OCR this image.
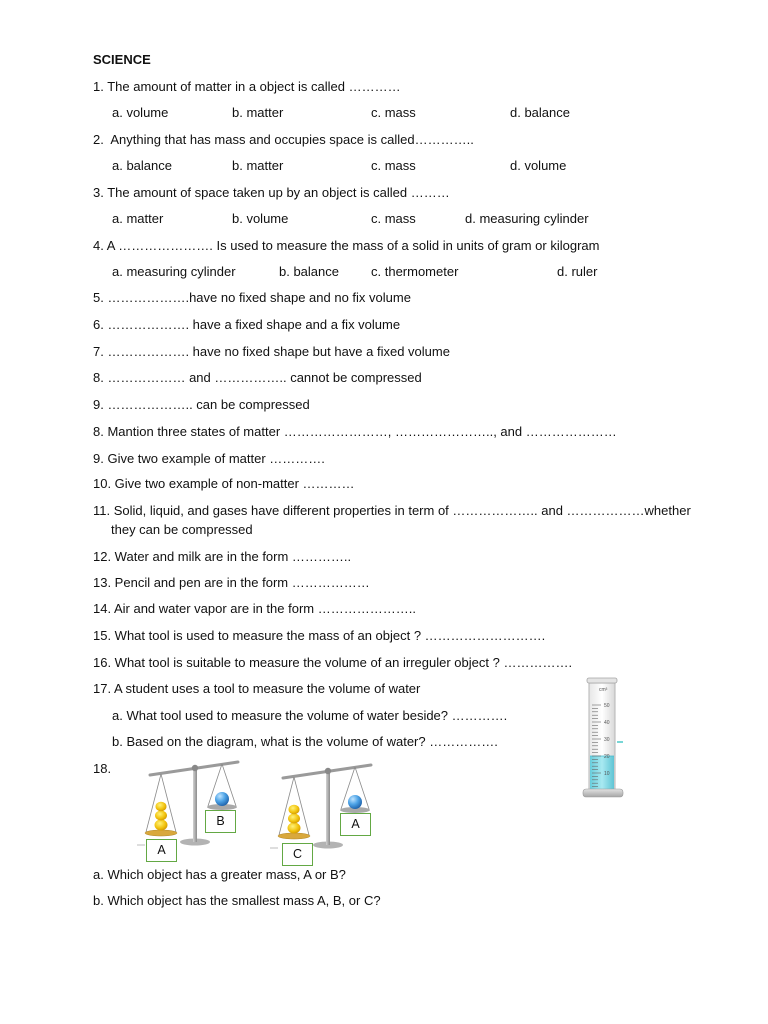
SCIENCE
1. The amount of matter in a object is called …………
a. volume	b. matter	c. mass	d. balance
2.  Anything that has mass and occupies space is called…………..
a. balance	b. matter	c. mass	d. volume
3. The amount of space taken up by an object is called ………
a. matter	b. volume	c. mass	d. measuring cylinder
4. A …………………. Is used to measure the mass of a solid in units of gram or kilogram
a. measuring cylinder	b. balance c. thermometer	d. ruler
5. ……………….have no fixed shape and no fix volume
6. ………………. have a fixed shape and a fix volume
7. ………………. have no fixed shape but have a fixed volume
8. ……………… and …………….. cannot be compressed
9. ……………….. can be compressed
8. Mantion three states of matter ……………………, ………………….., and …………………
9. Give two example of matter ………….
10. Give two example of non-matter …………
11. Solid, liquid, and gases have different properties in term of ……………….. and ………………whether
they can be compressed
12. Water and milk are in the form …………..
13. Pencil and pen are in the form ………………
14. Air and water vapor are in the form …………………..
15. What tool is used to measure the mass of an object ? ……………………….
16. What tool is suitable to measure the volume of an irreguler object ? …………….
17. A student uses a tool to measure the volume of water
a. What tool used to measure the volume of water beside? ………….
b. Based on the diagram, what is the volume of water? …………….
cm³
50
40
30
20
10
18.
B
A
A
C
a. Which object has a greater mass, A or B?
b. Which object has the smallest mass A, B, or C?
